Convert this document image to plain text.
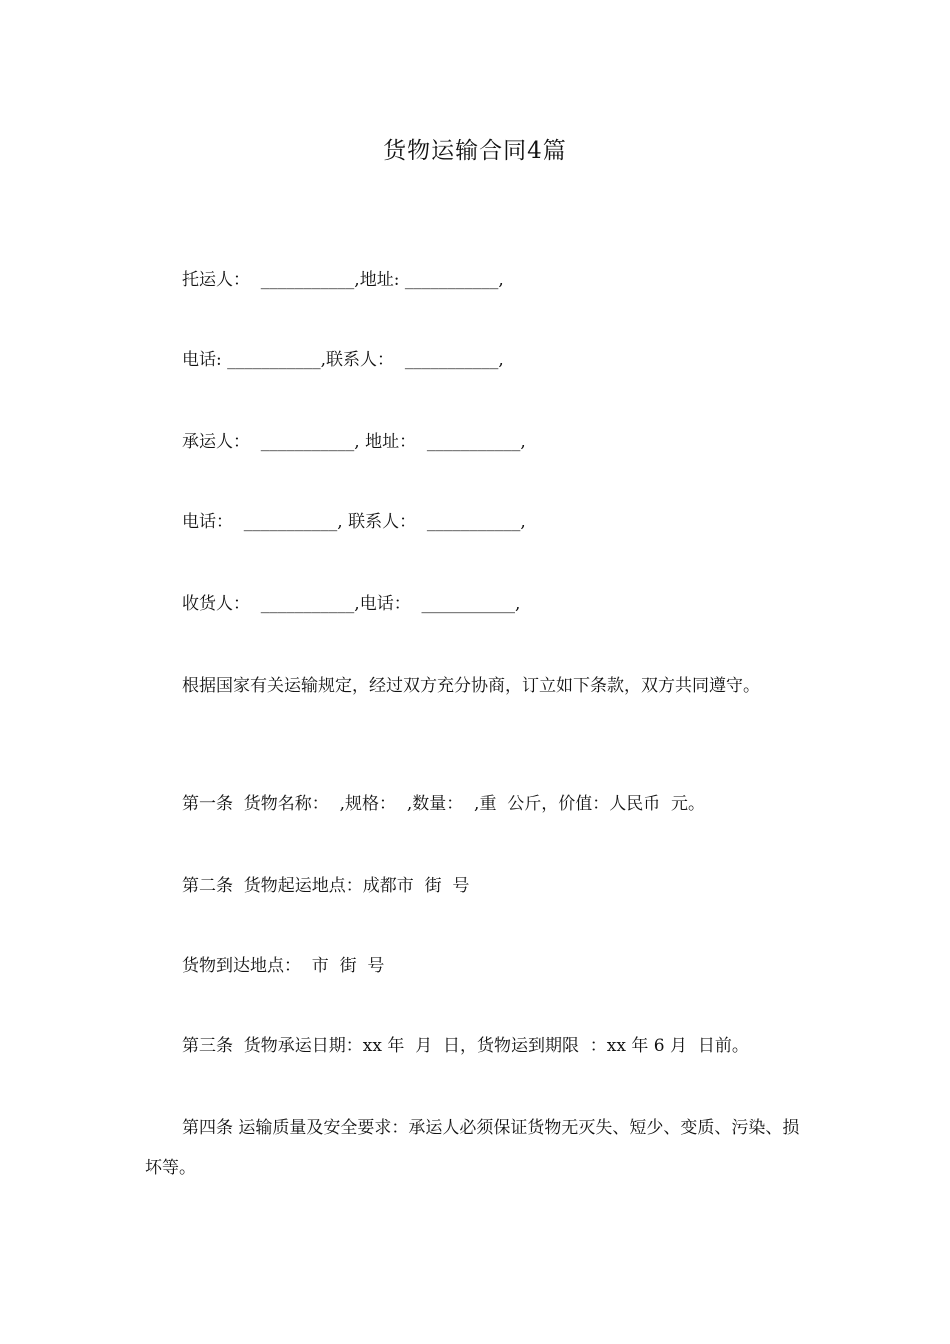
货物运输合同4篇
托运人：  ___________,地址: ___________,
电话: ___________,联系人：  ___________,
承运人：  ___________, 地址：  ___________,
电话：  ___________, 联系人：  ___________,
收货人：  ___________,电话：  ___________,
根据国家有关运输规定，经过双方充分协商，订立如下条款，双方共同遵守。
第一条  货物名称：  ,规格：  ,数量：  ,重  公斤，价值：人民币  元。
第二条  货物起运地点：成都市  街  号
货物到达地点：  市  街  号
第三条  货物承运日期：xx 年  月  日，货物运到期限  ：xx 年 6 月  日前。
第四条 运输质量及安全要求：承运人必须保证货物无灭失、短少、变质、污染、损坏等。
